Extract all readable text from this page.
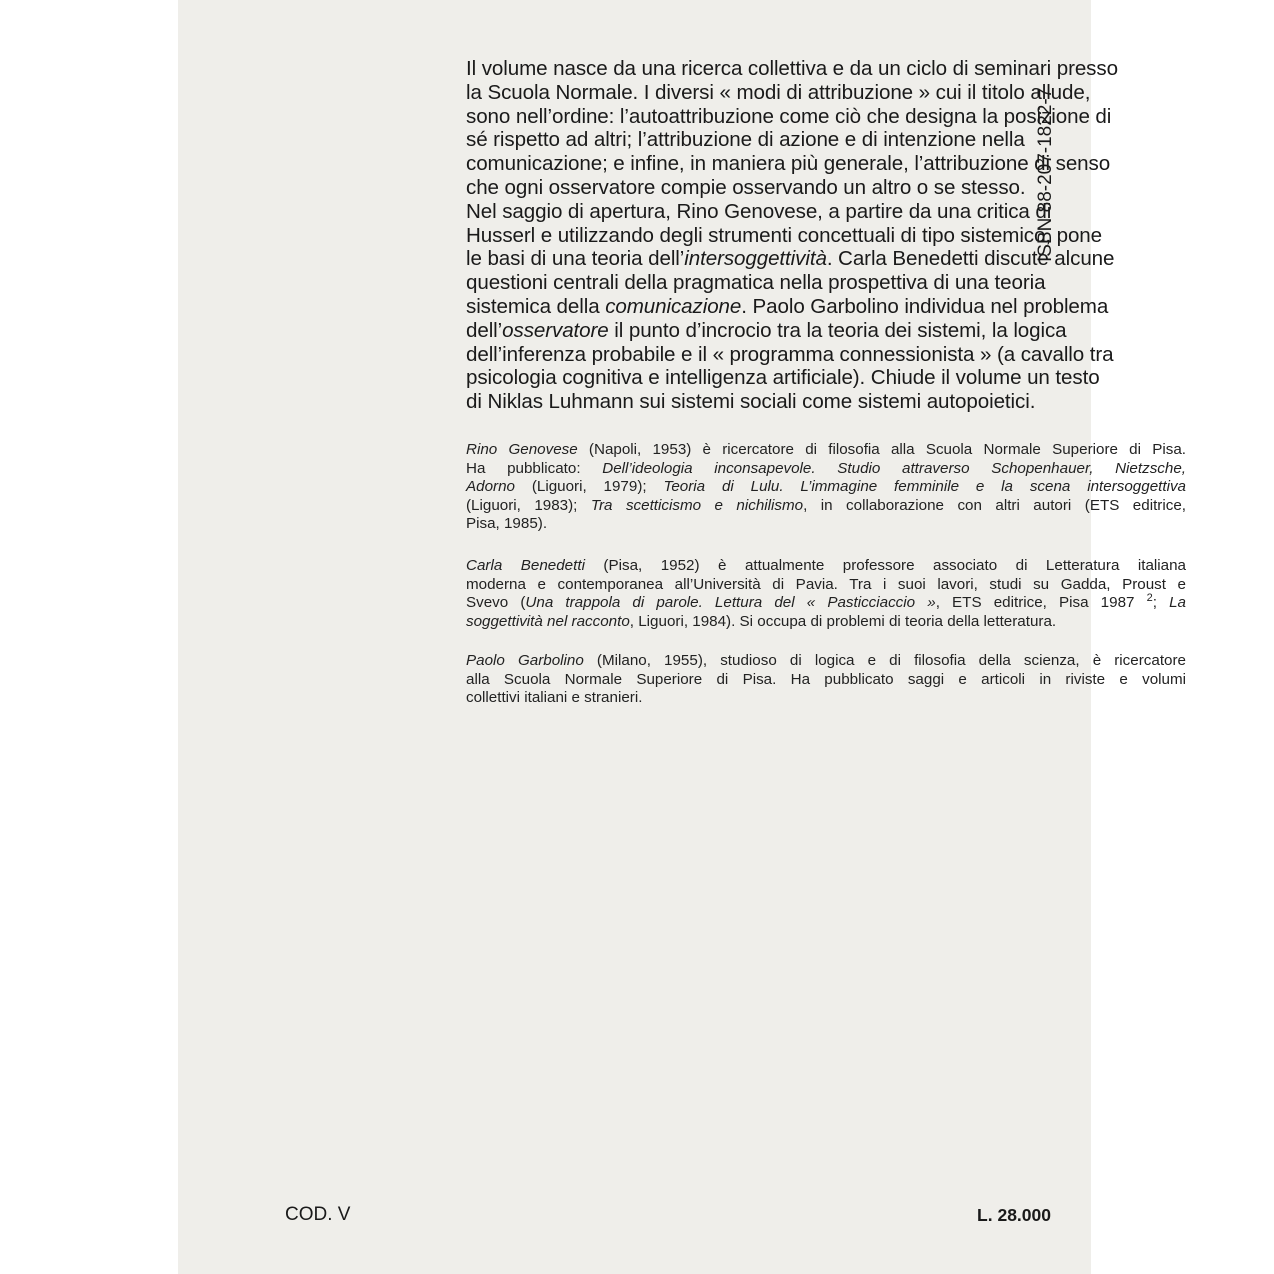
Il volume nasce da una ricerca collettiva e da un ciclo di seminari presso
la Scuola Normale. I diversi « modi di attribuzione » cui il titolo allude,
sono nell’ordine: l’autoattribuzione come ciò che designa la posizione di
sé rispetto ad altri; l’attribuzione di azione e di intenzione nella
comunicazione; e infine, in maniera più generale, l’attribuzione di senso
che ogni osservatore compie osservando un altro o se stesso.
Nel saggio di apertura, Rino Genovese, a partire da una critica di
Husserl e utilizzando degli strumenti concettuali di tipo sistemico, pone
le basi di una teoria dell’intersoggettività. Carla Benedetti discute alcune
questioni centrali della pragmatica nella prospettiva di una teoria
sistemica della comunicazione. Paolo Garbolino individua nel problema
dell’osservatore il punto d’incrocio tra la teoria dei sistemi, la logica
dell’inferenza probabile e il « programma connessionista » (a cavallo tra
psicologia cognitiva e intelligenza artificiale). Chiude il volume un testo
di Niklas Luhmann sui sistemi sociali come sistemi autopoietici.
Rino Genovese (Napoli, 1953) è ricercatore di filosofia alla Scuola Normale Superiore di Pisa.
Ha pubblicato: Dell’ideologia inconsapevole. Studio attraverso Schopenhauer, Nietzsche,
Adorno (Liguori, 1979); Teoria di Lulu. L’immagine femminile e la scena intersoggettiva
(Liguori, 1983); Tra scetticismo e nichilismo, in collaborazione con altri autori (ETS editrice,
Pisa, 1985).
Carla Benedetti (Pisa, 1952) è attualmente professore associato di Letteratura italiana
moderna e contemporanea all’Università di Pavia. Tra i suoi lavori, studi su Gadda, Proust e
Svevo (Una trappola di parole. Lettura del « Pasticciaccio », ETS editrice, Pisa 1987 $^2$; La
soggettività nel racconto, Liguori, 1984). Si occupa di problemi di teoria della letteratura.
Paolo Garbolino (Milano, 1955), studioso di logica e di filosofia della scienza, è ricercatore
alla Scuola Normale Superiore di Pisa. Ha pubblicato saggi e articoli in riviste e volumi
collettivi italiani e stranieri.
ISBN 88-207-1822-7
COD. V	L. 28.000
